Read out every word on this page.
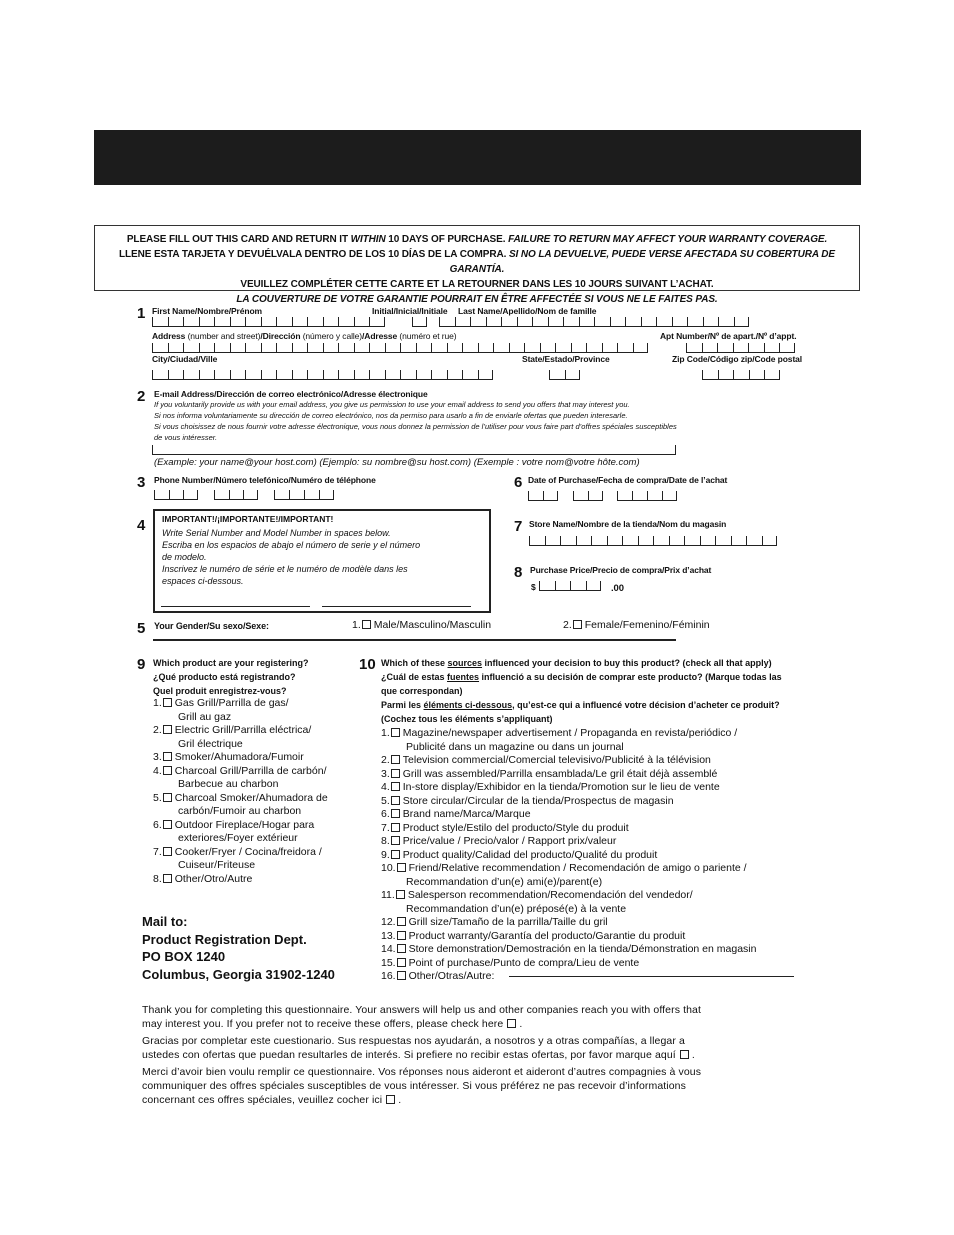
PLEASE FILL OUT THIS CARD AND RETURN IT WITHIN 10 DAYS OF PURCHASE. FAILURE TO RETURN MAY AFFECT YOUR WARRANTY COVERAGE.
LLENE ESTA TARJETA Y DEVUÉLVALA DENTRO DE LOS 10 DÍAS DE LA COMPRA. SI NO LA DEVUELVE, PUEDE VERSE AFECTADA SU COBERTURA DE GARANTÍA.
VEUILLEZ COMPLÉTER CETTE CARTE ET LA RETOURNER DANS LES 10 JOURS SUIVANT L’ACHAT.
LA COUVERTURE DE VOTRE GARANTIE POURRAIT EN ÊTRE AFFECTÉE SI VOUS NE LE FAITES PAS.
1 First Name/Nombre/Prénom	Initial/Inicial/Initiale Last Name/Apellido/Nom de famille
Address (number and street)/Dirección (número y calle)/Adresse (numéro et rue)	Apt Number/Nº de apart./Nº d’appt.
City/Ciudad/Ville	State/Estado/Province	Zip Code/Código zip/Code postal
2 E-mail Address/Dirección de correo electrónico/Adresse électronique
If you voluntarily provide us with your email address, you give us permission to use your email address to send you offers that may interest you.
Si nos informa voluntariamente su dirección de correo electrónico, nos da permiso para usarlo a fin de enviarle ofertas que pueden interesarle.
Si vous choisissez de nous fournir votre adresse électronique, vous nous donnez la permission de l’utiliser pour vous faire part d’offres spéciales susceptibles
de vous intéresser.
(Example: your name@your host.com) (Ejemplo: su nombre@su host.com) (Exemple : votre nom@votre hôte.com)
3 Phone Number/Número telefónico/Numéro de téléphone	6 Date of Purchase/Fecha de compra/Date de l’achat
4 IMPORTANT!/¡IMPORTANTE!/IMPORTANT!
Write Serial Number and Model Number in spaces below.
Escriba en los espacios de abajo el número de serie y el número
de modelo.
Inscrivez le numéro de série et le numéro de modèle dans les
espaces ci-dessous.
7 Store Name/Nombre de la tienda/Nom du magasin
8 Purchase Price/Precio de compra/Prix d’achat
$	.00
5 Your Gender/Su sexo/Sexe:	1. Male/Masculino/Masculin	2. Female/Femenino/Féminin
9 Which product are your registering?
¿Qué producto está registrando?
Quel produit enregistrez-vous?
1. Gas Grill/Parrilla de gas/
Grill au gaz
2. Electric Grill/Parrilla eléctrica/
Gril électrique
3. Smoker/Ahumadora/Fumoir
4. Charcoal Grill/Parrilla de carbón/
Barbecue au charbon
5. Charcoal Smoker/Ahumadora de
carbón/Fumoir au charbon
6. Outdoor Fireplace/Hogar para
exteriores/Foyer extérieur
7. Cooker/Fryer / Cocina/freidora /
Cuiseur/Friteuse
8. Other/Otro/Autre
10 Which of these sources influenced your decision to buy this product? (check all that apply)
¿Cuál de estas fuentes influenció a su decisión de comprar este producto? (Marque todas las
que correspondan)
Parmi les éléments ci-dessous, qu’est-ce qui a influencé votre décision d’acheter ce produit?
(Cochez tous les éléments s’appliquant)
1. Magazine/newspaper advertisement / Propaganda en revista/periódico /
Publicité dans un magazine ou dans un journal
2. Television commercial/Comercial televisivo/Publicité à la télévision
3. Grill was assembled/Parrilla ensamblada/Le gril était déjà assemblé
4. In-store display/Exhibidor en la tienda/Promotion sur le lieu de vente
5. Store circular/Circular de la tienda/Prospectus de magasin
6. Brand name/Marca/Marque
7. Product style/Estilo del producto/Style du produit
8. Price/value / Precio/valor / Rapport prix/valeur
9. Product quality/Calidad del producto/Qualité du produit
10. Friend/Relative recommendation / Recomendación de amigo o pariente /
Recommandation d’un(e) ami(e)/parent(e)
11. Salesperson recommendation/Recomendación del vendedor/
Recommandation d’un(e) préposé(e) à la vente
12. Grill size/Tamaño de la parrilla/Taille du gril
13. Product warranty/Garantía del producto/Garantie du produit
14. Store demonstration/Demostración en la tienda/Démonstration en magasin
15. Point of purchase/Punto de compra/Lieu de vente
16. Other/Otras/Autre:
Mail to:
Product Registration Dept.
PO BOX 1240
Columbus, Georgia 31902-1240
Thank you for completing this questionnaire. Your answers will help us and other companies reach you with offers that
may interest you. If you prefer not to receive these offers, please check here .
Gracias por completar este cuestionario. Sus respuestas nos ayudarán, a nosotros y a otras compañías, a llegar a
ustedes con ofertas que puedan resultarles de interés. Si prefiere no recibir estas ofertas, por favor marque aquí .
Merci d’avoir bien voulu remplir ce questionnaire. Vos réponses nous aideront et aideront d’autres compagnies à vous
communiquer des offres spéciales susceptibles de vous intéresser. Si vous préférez ne pas recevoir d’informations
concernant ces offres spéciales, veuillez cocher ici .
